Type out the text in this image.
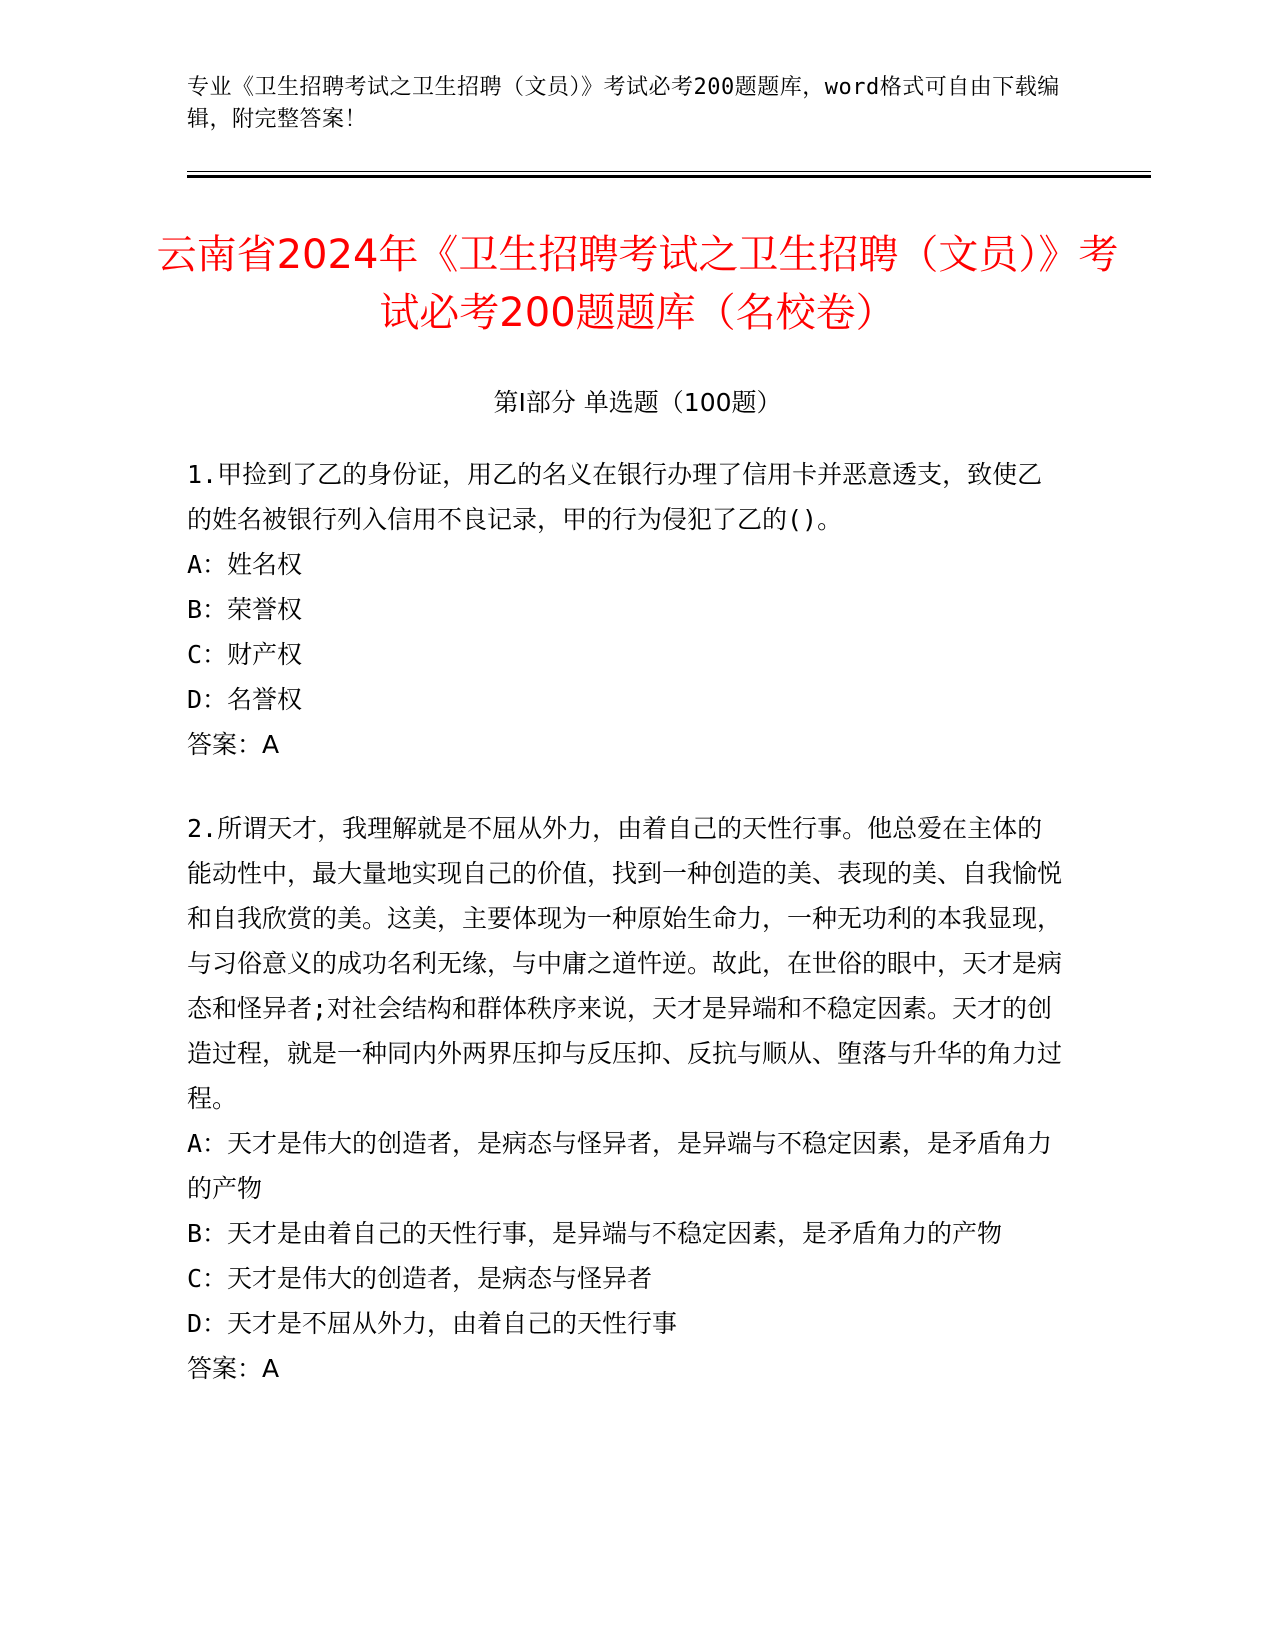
专业《卫生招聘考试之卫生招聘（文员）》考试必考200题题库，word格式可自由下载编辑，附完整答案！
云南省2024年《卫生招聘考试之卫生招聘（文员）》考试必考200题题库（名校卷）
第Ⅰ部分 单选题（100题）

1.甲捡到了乙的身份证，用乙的名义在银行办理了信用卡并恶意透支，致使乙的姓名被银行列入信用不良记录，甲的行为侵犯了乙的()。

A：姓名权

B：荣誉权

C：财产权

D：名誉权

答案：A

2.所谓天才，我理解就是不屈从外力，由着自己的天性行事。他总爱在主体的能动性中，最大量地实现自己的价值，找到一种创造的美、表现的美、自我愉悦和自我欣赏的美。这美，主要体现为一种原始生命力，一种无功利的本我显现，与习俗意义的成功名利无缘，与中庸之道忤逆。故此，在世俗的眼中，天才是病态和怪异者;对社会结构和群体秩序来说，天才是异端和不稳定因素。天才的创造过程，就是一种同内外两界压抑与反压抑、反抗与顺从、堕落与升华的角力过程。

A：天才是伟大的创造者，是病态与怪异者，是异端与不稳定因素，是矛盾角力的产物

B：天才是由着自己的天性行事，是异端与不稳定因素，是矛盾角力的产物

C：天才是伟大的创造者，是病态与怪异者

D：天才是不屈从外力，由着自己的天性行事

答案：A
